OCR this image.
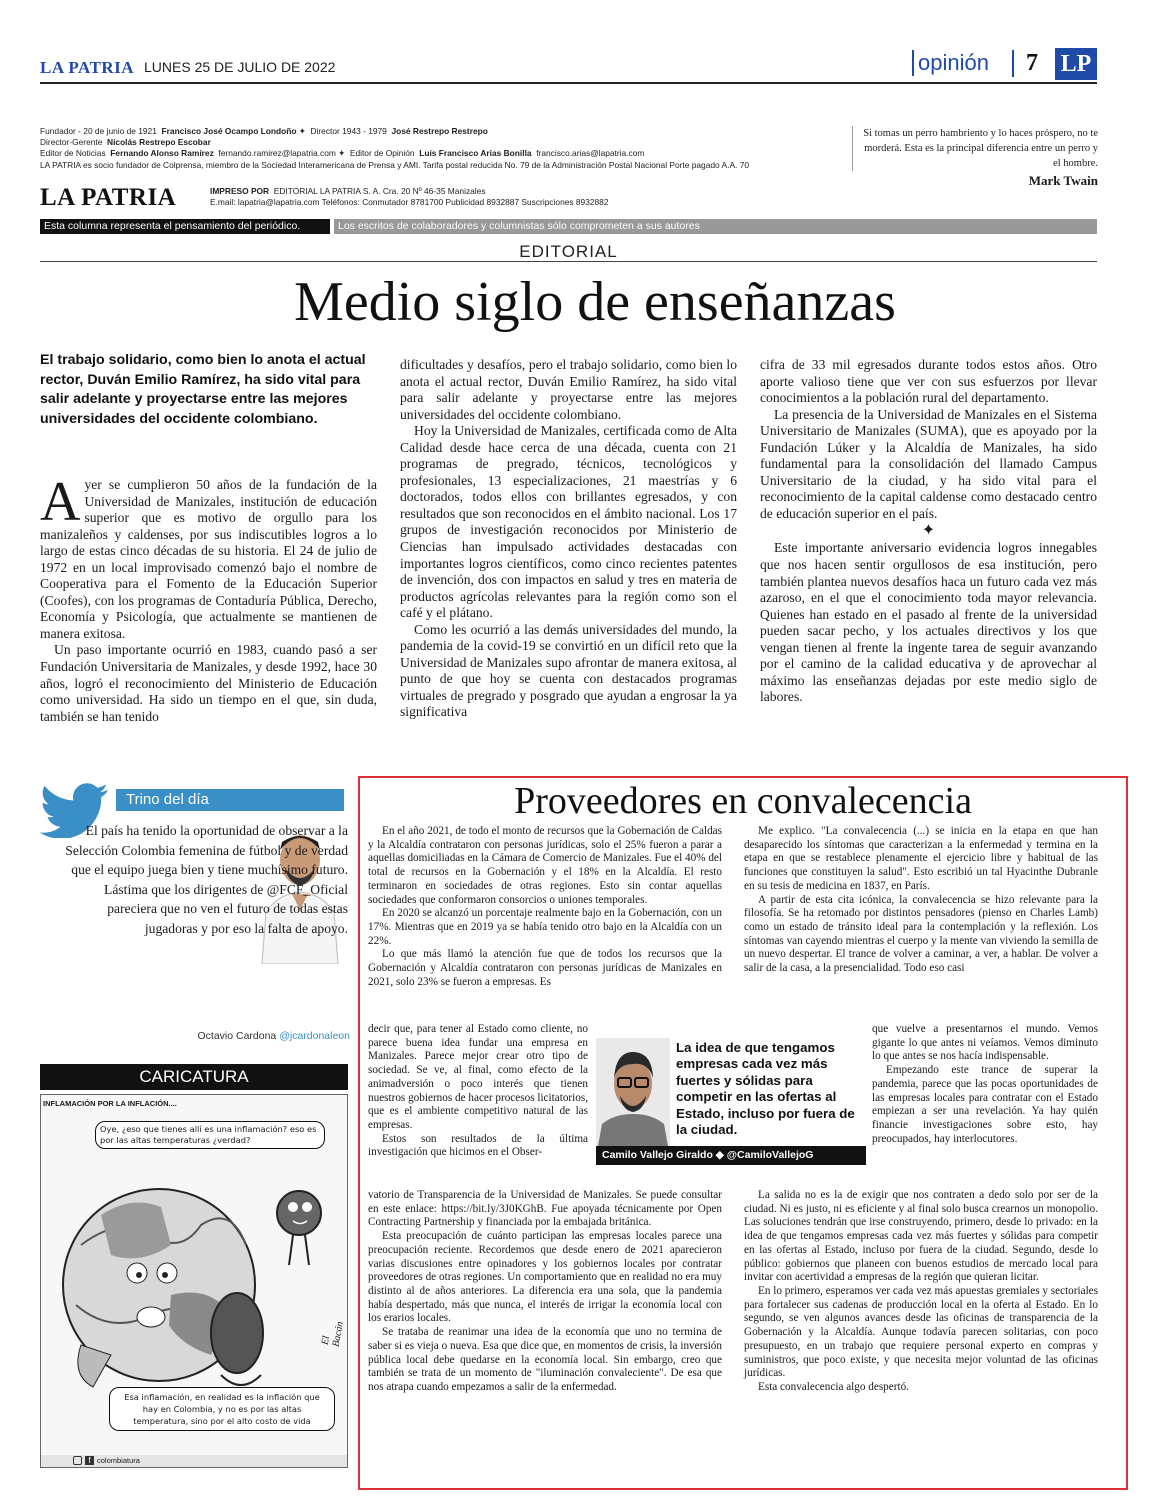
LA PATRIA LUNES 25 DE JULIO DE 2022	opinión	7 LP
Fundador - 20 de junio de 1921 Francisco José Ocampo Londoño ✦  Director 1943 - 1979 José Restrepo Restrepo
Director-Gerente Nicolás Restrepo Escobar
Editor de Noticias Fernando Alonso Ramírez fernando.ramirez@lapatria.com ✦  Editor de Opinión Luis Francisco Arias Bonilla francisco.arias@lapatria.com
LA PATRIA es socio fundador de Colprensa, miembro de la Sociedad Interamericana de Prensa y AMI. Tarifa postal reducida No. 79 de la Administración Postal Nacional Porte pagado A.A. 70
LA PATRIA	IMPRESO POR EDITORIAL LA PATRIA S. A. Cra. 20 Nº 46-35 Manizales
E.mail: lapatria@lapatria.com Teléfonos: Conmutador 8781700 Publicidad 8932887 Suscripciones 8932882
Si tomas un perro hambriento y lo haces próspero, no te morderá. Esta es la principal diferencia entre un perro y el hombre.
Mark Twain
Esta columna representa el pensamiento del periódico.	Los escritos de colaboradores y columnistas sólo comprometen a sus autores
EDITORIAL
Medio siglo de enseñanzas
El trabajo solidario, como bien lo anota el actual rector, Duván Emilio Ramírez, ha sido vital para salir adelante y proyectarse entre las mejores universidades del occidente colombiano.

Ayer se cumplieron 50 años de la fundación de la Universidad de Manizales, institución de educación superior que es motivo de orgullo para los manizaleños y caldenses, por sus indiscutibles logros a lo largo de estas cinco décadas de su historia. El 24 de julio de 1972 en un local improvisado comenzó bajo el nombre de Cooperativa para el Fomento de la Educación Superior (Coofes), con los programas de Contaduría Pública, Derecho, Economía y Psicología, que actualmente se mantienen de manera exitosa.

Un paso importante ocurrió en 1983, cuando pasó a ser Fundación Universitaria de Manizales, y desde 1992, hace 30 años, logró el reconocimiento del Ministerio de Educación como universidad. Ha sido un tiempo en el que, sin duda, también se han tenido

dificultades y desafíos, pero el trabajo solidario, como bien lo anota el actual rector, Duván Emilio Ramírez, ha sido vital para salir adelante y proyectarse entre las mejores universidades del occidente colombiano.

Hoy la Universidad de Manizales, certificada como de Alta Calidad desde hace cerca de una década, cuenta con 21 programas de pregrado, técnicos, tecnológicos y profesionales, 13 especializaciones, 21 maestrías y 6 doctorados, todos ellos con brillantes egresados, y con resultados que son reconocidos en el ámbito nacional. Los 17 grupos de investigación reconocidos por Ministerio de Ciencias han impulsado actividades destacadas con importantes logros científicos, como cinco recientes patentes de invención, dos con impactos en salud y tres en materia de productos agrícolas relevantes para la región como son el café y el plátano.

Como les ocurrió a las demás universidades del mundo, la pandemia de la covid-19 se convirtió en un difícil reto que la Universidad de Manizales supo afrontar de manera exitosa, al punto de que hoy se cuenta con destacados programas virtuales de pregrado y posgrado que ayudan a engrosar la ya significativa

cifra de 33 mil egresados durante todos estos años. Otro aporte valioso tiene que ver con sus esfuerzos por llevar conocimientos a la población rural del departamento.

La presencia de la Universidad de Manizales en el Sistema Universitario de Manizales (SUMA), que es apoyado por la Fundación Lúker y la Alcaldía de Manizales, ha sido fundamental para la consolidación del llamado Campus Universitario de la ciudad, y ha sido vital para el reconocimiento de la capital caldense como destacado centro de educación superior en el país.

✦

Este importante aniversario evidencia logros innegables que nos hacen sentir orgullosos de esa institución, pero también plantea nuevos desafíos haca un futuro cada vez más azaroso, en el que el conocimiento toda mayor relevancia. Quienes han estado en el pasado al frente de la universidad pueden sacar pecho, y los actuales directivos y los que vengan tienen al frente la ingente tarea de seguir avanzando por el camino de la calidad educativa y de aprovechar al máximo las enseñanzas dejadas por este medio siglo de labores.

Trino del día
El país ha tenido la oportunidad de observar a la Selección Colombia femenina de fútbol y de verdad que el equipo juega bien y tiene muchísimo futuro. Lástima que los dirigentes de @FCF_Oficial pareciera que no ven el futuro de todas estas jugadoras y por eso la falta de apoyo.
Octavio Cardona @jcardonaleon
CARICATURA
INFLAMACIÓN POR LA INFLACIÓN....
Oye, ¿eso que tienes allí es una inflamación? eso es por las altas temperaturas ¿verdad?
Esa inflamación, en realidad es la inflación que hay en Colombia, y no es por las altas temperatura, sino por el alto costo de vida
El Bacán
f colombiatura
Proveedores en convalecencia

En el año 2021, de todo el monto de recursos que la Gobernación de Caldas y la Alcaldía contrataron con personas jurídicas, solo el 25% fueron a parar a aquellas domiciliadas en la Cámara de Comercio de Manizales. Fue el 40% del total de recursos en la Gobernación y el 18% en la Alcaldía. El resto terminaron en sociedades de otras regiones. Esto sin contar aquellas sociedades que conformaron consorcios o uniones temporales.

En 2020 se alcanzó un porcentaje realmente bajo en la Gobernación, con un 17%. Mientras que en 2019 ya se había tenido otro bajo en la Alcaldía con un 22%.

Lo que más llamó la atención fue que de todos los recursos que la Gobernación y Alcaldía contrataron con personas jurídicas de Manizales en 2021, solo 23% se fueron a empresas. Es

decir que, para tener al Estado como cliente, no parece buena idea fundar una empresa en Manizales. Parece mejor crear otro tipo de sociedad. Se ve, al final, como efecto de la animadversión o poco interés que tienen nuestros gobiernos de hacer procesos licitatorios, que es el ambiente competitivo natural de las empresas.

Estos son resultados de la última investigación que hicimos en el Obser-

vatorio de Transparencia de la Universidad de Manizales. Se puede consultar en este enlace: https://bit.ly/3J0KGhB. Fue apoyada técnicamente por Open Contracting Partnership y financiada por la embajada británica.

Esta preocupación de cuánto participan las empresas locales parece una preocupación reciente. Recordemos que desde enero de 2021 aparecieron varias discusiones entre opinadores y los gobiernos locales por contratar proveedores de otras regiones. Un comportamiento que en realidad no era muy distinto al de años anteriores. La diferencia era una sola, que la pandemia había despertado, más que nunca, el interés de irrigar la economía local con los erarios locales.

Se trataba de reanimar una idea de la economía que uno no termina de saber si es vieja o nueva. Esa que dice que, en momentos de crisis, la inversión pública local debe quedarse en la economía local. Sin embargo, creo que también se trata de un momento de "iluminación convaleciente". De esa que nos atrapa cuando empezamos a salir de la enfermedad.

Me explico. "La convalecencia (...) se inicia en la etapa en que han desaparecido los síntomas que caracterizan a la enfermedad y termina en la etapa en que se restablece plenamente el ejercicio libre y habitual de las funciones que constituyen la salud". Esto escribió un tal Hyacinthe Dubranle en su tesis de medicina en 1837, en París.

A partir de esta cita icónica, la convalecencia se hizo relevante para la filosofía. Se ha retomado por distintos pensadores (pienso en Charles Lamb) como un estado de tránsito ideal para la contemplación y la reflexión. Los síntomas van cayendo mientras el cuerpo y la mente van viviendo la semilla de un nuevo despertar. El trance de volver a caminar, a ver, a hablar. De volver a salir de la casa, a la presencialidad. Todo eso casi

que vuelve a presentarnos el mundo. Vemos gigante lo que antes ni veíamos. Vemos diminuto lo que antes se nos hacía indispensable.

Empezando este trance de superar la pandemia, parece que las pocas oportunidades de las empresas locales para contratar con el Estado empiezan a ser una revelación. Ya hay quién financie investigaciones sobre esto, hay preocupados, hay interlocutores.

La salida no es la de exigir que nos contraten a dedo solo por ser de la ciudad. Ni es justo, ni es eficiente y al final solo busca crearnos un monopolio. Las soluciones tendrán que irse construyendo, primero, desde lo privado: en la idea de que tengamos empresas cada vez más fuertes y sólidas para competir en las ofertas al Estado, incluso por fuera de la ciudad. Segundo, desde lo público: gobiernos que planeen con buenos estudios de mercado local para invitar con acertividad a empresas de la región que quieran licitar.

En lo primero, esperamos ver cada vez más apuestas gremiales y sectoriales para fortalecer sus cadenas de producción local en la oferta al Estado. En lo segundo, se ven algunos avances desde las oficinas de transparencia de la Gobernación y la Alcaldía. Aunque todavía parecen solitarias, con poco presupuesto, en un trabajo que requiere personal experto en compras y suministros, que poco existe, y que necesita mejor voluntad de las oficinas jurídicas.

Esta convalecencia algo despertó.

La idea de que tengamos empresas cada vez más fuertes y sólidas para competir en las ofertas al Estado, incluso por fuera de la ciudad.
Camilo Vallejo Giraldo ◆ @CamiloVallejoG
